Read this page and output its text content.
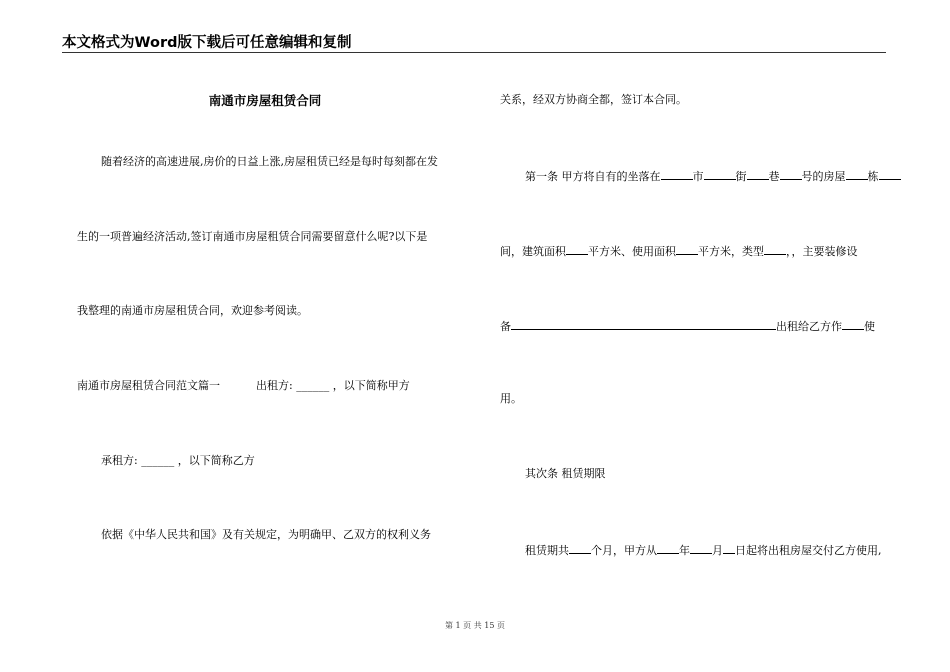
本文格式为Word版下载后可任意编辑和复制
南通市房屋租赁合同
随着经济的高速进展,房价的日益上涨,房屋租赁已经是每时每刻都在发
生的一项普遍经济活动,签订南通市房屋租赁合同需要留意什么呢?以下是
我整理的南通市房屋租赁合同，欢迎参考阅读。
南通市房屋租赁合同范文篇一	出租方: ______ ，以下简称甲方
承租方: ______ ，以下简称乙方
依据《中华人民共和国》及有关规定，为明确甲、乙双方的权利义务
关系，经双方协商全都，签订本合同。
第一条 甲方将自有的坐落在	市	街 巷 号的房屋 栋
间，建筑面积 平方米、使用面积 平方米，类型 ，，主要装修设
备	出租给乙方作 使
用。
其次条 租赁期限
租赁期共 个月，甲方从 年 月 日起将出租房屋交付乙方使用,
第 1 页 共 15 页
